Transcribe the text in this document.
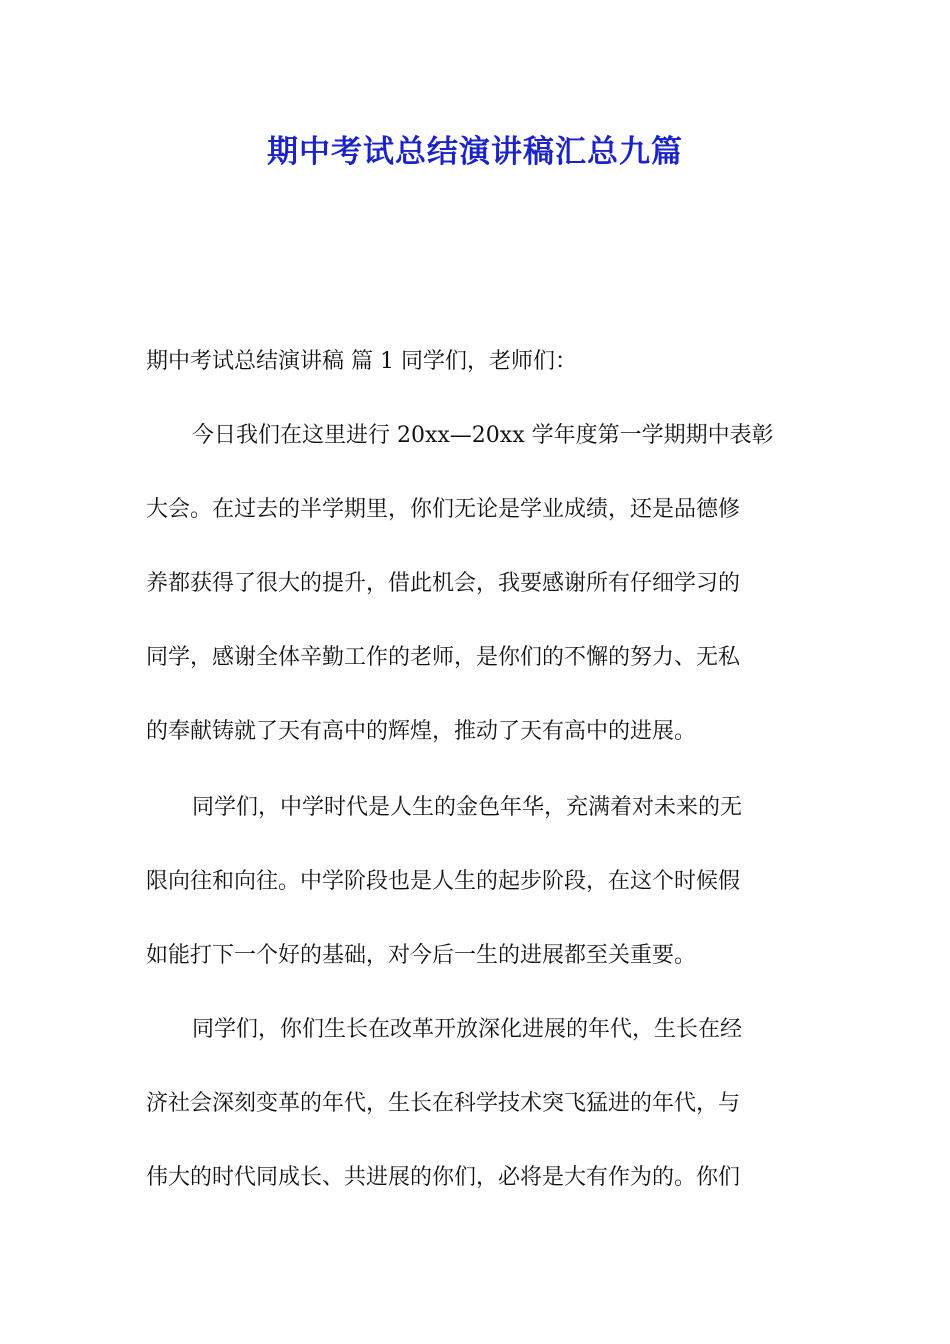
期中考试总结演讲稿汇总九篇
期中考试总结演讲稿 篇 1 同学们，老师们：
今日我们在这里进行 20xx—20xx 学年度第一学期期中表彰
大会。在过去的半学期里，你们无论是学业成绩，还是品德修
养都获得了很大的提升，借此机会，我要感谢所有仔细学习的
同学，感谢全体辛勤工作的老师，是你们的不懈的努力、无私
的奉献铸就了天有高中的辉煌，推动了天有高中的进展。
同学们，中学时代是人生的金色年华，充满着对未来的无
限向往和向往。中学阶段也是人生的起步阶段，在这个时候假
如能打下一个好的基础，对今后一生的进展都至关重要。
同学们，你们生长在改革开放深化进展的年代，生长在经
济社会深刻变革的年代，生长在科学技术突飞猛进的年代，与
伟大的时代同成长、共进展的你们，必将是大有作为的。你们
